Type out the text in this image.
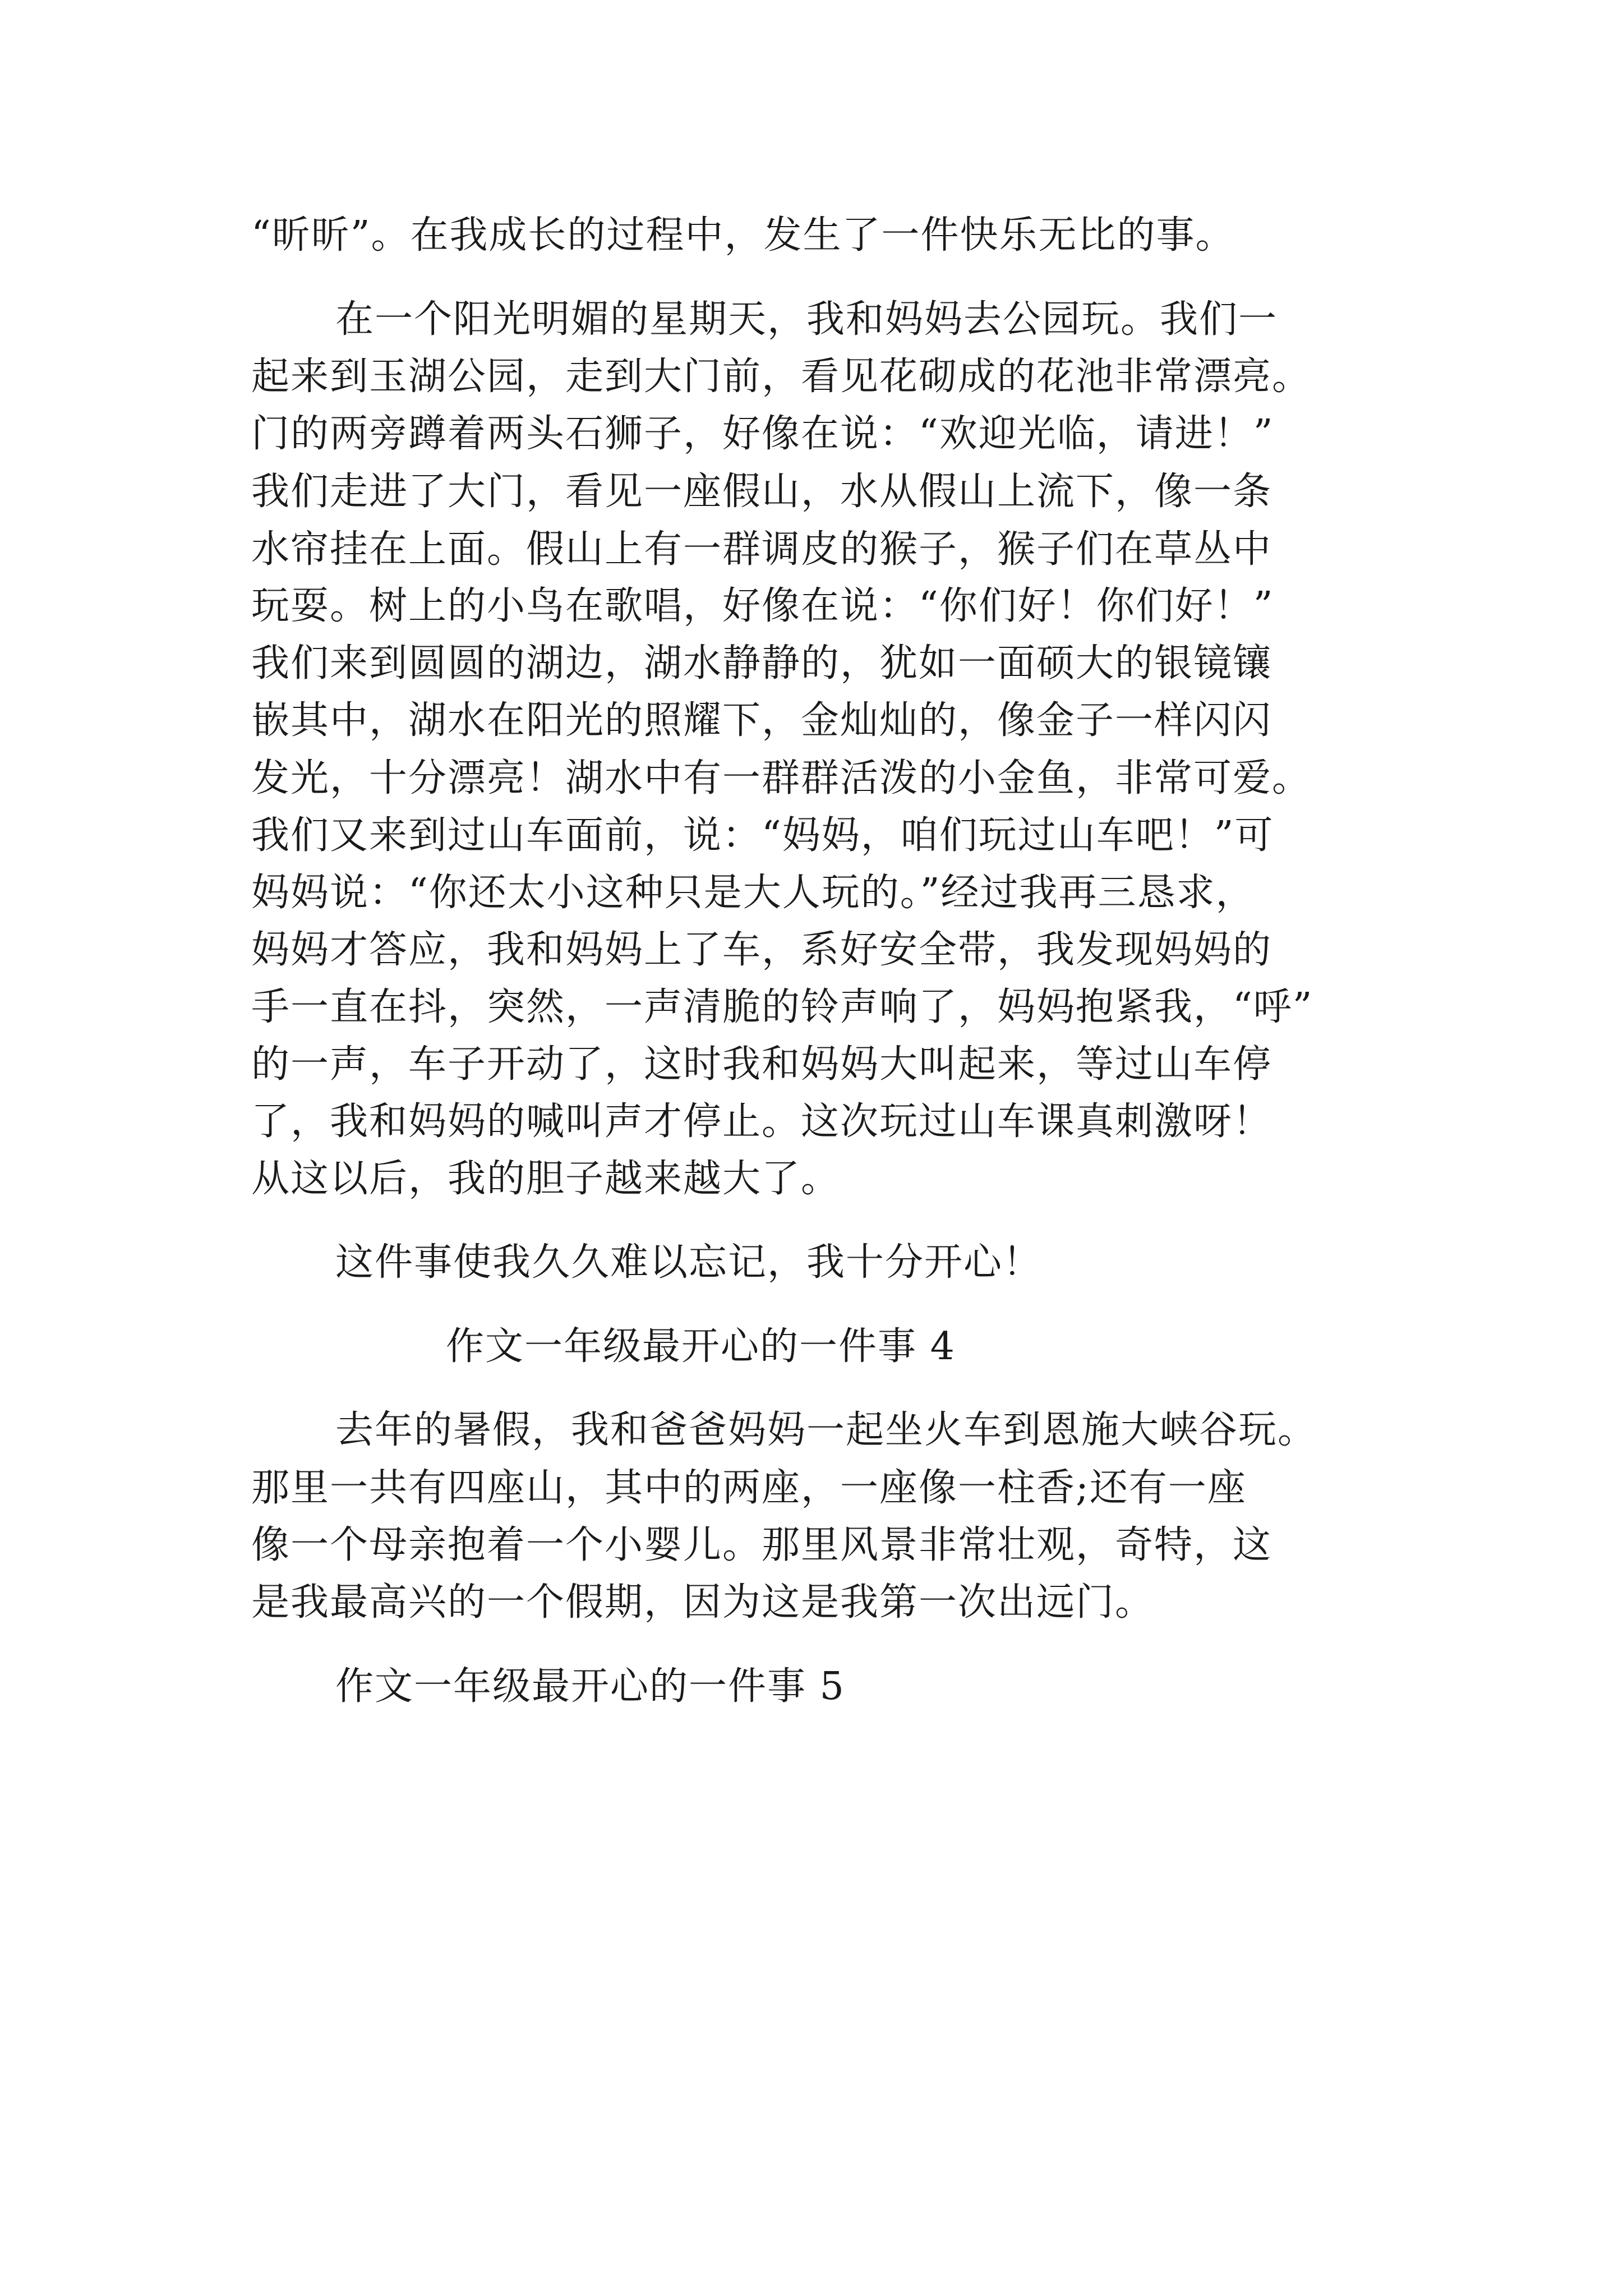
“昕昕”。在我成长的过程中，发生了一件快乐无比的事。
在一个阳光明媚的星期天，我和妈妈去公园玩。我们一
起来到玉湖公园，走到大门前，看见花砌成的花池非常漂亮。
门的两旁蹲着两头石狮子，好像在说：“欢迎光临，请进！”
我们走进了大门，看见一座假山，水从假山上流下，像一条
水帘挂在上面。假山上有一群调皮的猴子，猴子们在草丛中
玩耍。树上的小鸟在歌唱，好像在说：“你们好！你们好！”
我们来到圆圆的湖边，湖水静静的，犹如一面硕大的银镜镶
嵌其中，湖水在阳光的照耀下，金灿灿的，像金子一样闪闪
发光，十分漂亮！湖水中有一群群活泼的小金鱼，非常可爱。
我们又来到过山车面前，说：“妈妈，咱们玩过山车吧！”可
妈妈说：“你还太小这种只是大人玩的。”经过我再三恳求，
妈妈才答应，我和妈妈上了车，系好安全带，我发现妈妈的
手一直在抖，突然，一声清脆的铃声响了，妈妈抱紧我，“呼”
的一声，车子开动了，这时我和妈妈大叫起来，等过山车停
了，我和妈妈的喊叫声才停止。这次玩过山车课真刺激呀！
从这以后，我的胆子越来越大了。
这件事使我久久难以忘记，我十分开心！
作文一年级最开心的一件事 4
去年的暑假，我和爸爸妈妈一起坐火车到恩施大峡谷玩。
那里一共有四座山，其中的两座，一座像一柱香;还有一座
像一个母亲抱着一个小婴儿。那里风景非常壮观，奇特，这
是我最高兴的一个假期，因为这是我第一次出远门。
作文一年级最开心的一件事 5
